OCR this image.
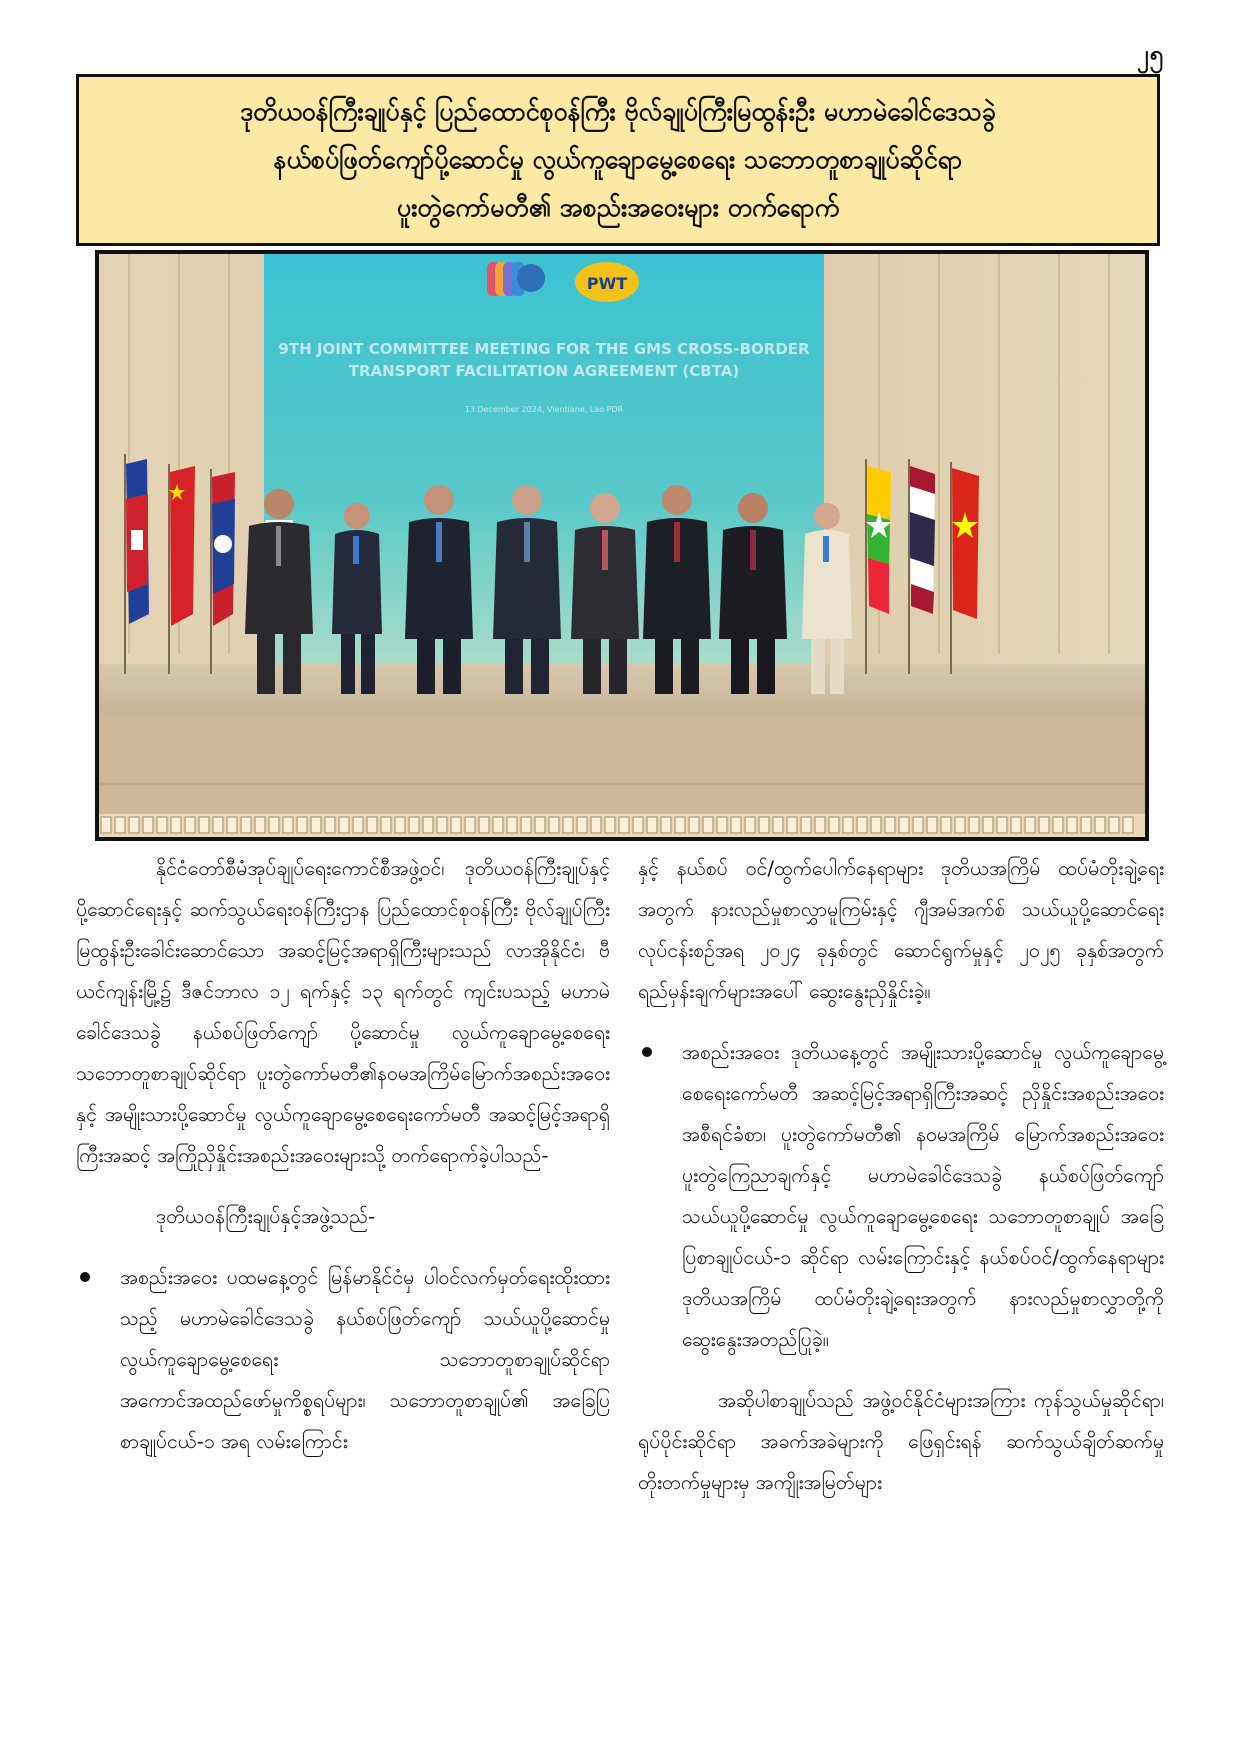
၂၅
ဒုတိယဝန်ကြီးချုပ်နှင့် ပြည်ထောင်စုဝန်ကြီး ဗိုလ်ချုပ်ကြီးမြထွန်းဦး မဟာမဲခေါင်ဒေသခွဲ
နယ်စပ်ဖြတ်ကျော်ပို့ဆောင်မှု လွယ်ကူချောမွေ့စေရေး သဘောတူစာချုပ်ဆိုင်ရာ
ပူးတွဲကော်မတီ၏ အစည်းအဝေးများ တက်ရောက်
PWT
9TH JOINT COMMITTEE MEETING FOR THE GMS CROSS-BORDER
TRANSPORT FACILITATION AGREEMENT (CBTA)
13 December 2024, Vientiane, Lao PDR

နိုင်ငံတော်စီမံအုပ်ချုပ်ရေးကောင်စီအဖွဲ့ဝင်၊ ဒုတိယဝန်ကြီးချုပ်နှင့် ပို့ဆောင်ရေးနှင့် ဆက်သွယ်ရေးဝန်ကြီးဌာန ပြည်ထောင်စုဝန်ကြီး ဗိုလ်ချုပ်ကြီး မြထွန်းဦးခေါင်းဆောင်သော အဆင့်မြင့်အရာရှိကြီးများသည် လာအိုနိုင်ငံ၊ ဗီယင်ကျန်းမြို့၌ ဒီဇင်ဘာလ ၁၂ ရက်နှင့် ၁၃ ရက်တွင် ကျင်းပသည့် မဟာမဲခေါင်ဒေသခွဲ နယ်စပ်ဖြတ်ကျော် ပို့ဆောင်မှု လွယ်ကူချောမွေ့စေရေး သဘောတူစာချုပ်ဆိုင်ရာ ပူးတွဲကော်မတီ၏နဝမအကြိမ်မြောက်အစည်းအဝေးနှင့် အမျိုးသားပို့ဆောင်မှု လွယ်ကူချောမွေ့စေရေးကော်မတီ အဆင့်မြင့်အရာရှိကြီးအဆင့် အကြိုညှိနှိုင်းအစည်းအဝေးများသို့ တက်ရောက်ခဲ့ပါသည်-

ဒုတိယဝန်ကြီးချုပ်နှင့်အဖွဲ့သည်-

အစည်းအဝေး ပထမနေ့တွင် မြန်မာနိုင်ငံမှ ပါဝင်လက်မှတ်ရေးထိုးထားသည့် မဟာမဲခေါင်ဒေသခွဲ နယ်စပ်ဖြတ်ကျော် သယ်ယူပို့ဆောင်မှု လွယ်ကူချောမွေ့စေရေး သဘောတူစာချုပ်ဆိုင်ရာ အကောင်အထည်ဖော်မှုကိစ္စရပ်များ၊ သဘောတူစာချုပ်၏ အခြေပြစာချုပ်ငယ်-၁ အရ လမ်းကြောင်း

နှင့် နယ်စပ် ဝင်/ထွက်ပေါက်နေရာများ ဒုတိယအကြိမ် ထပ်မံတိုးချဲ့ရေးအတွက် နားလည်မှုစာလွှာမူကြမ်းနှင့် ဂျီအမ်အက်စ် သယ်ယူပို့ဆောင်ရေးလုပ်ငန်းစဉ်အရ ၂၀၂၄ ခုနှစ်တွင် ဆောင်ရွက်မှုနှင့် ၂၀၂၅ ခုနှစ်အတွက် ရည်မှန်းချက်များအပေါ် ဆွေးနွေးညှိနှိုင်းခဲ့။

အစည်းအဝေး ဒုတိယနေ့တွင် အမျိုးသားပို့ဆောင်မှု လွယ်ကူချောမွေ့စေရေးကော်မတီ အဆင့်မြင့်အရာရှိကြီးအဆင့် ညှိနှိုင်းအစည်းအဝေးအစီရင်ခံစာ၊ ပူးတွဲကော်မတီ၏ နဝမအကြိမ် မြောက်အစည်းအဝေး ပူးတွဲကြေညာချက်နှင့် မဟာမဲခေါင်ဒေသခွဲ နယ်စပ်ဖြတ်ကျော် သယ်ယူပို့ဆောင်မှု လွယ်ကူချောမွေ့စေရေး သဘောတူစာချုပ် အခြေပြစာချုပ်ငယ်-၁ ဆိုင်ရာ လမ်းကြောင်းနှင့် နယ်စပ်ဝင်/ထွက်နေရာများ ဒုတိယအကြိမ် ထပ်မံတိုးချဲ့ရေးအတွက် နားလည်မှုစာလွှာတို့ကို ဆွေးနွေးအတည်ပြုခဲ့။

အဆိုပါစာချုပ်သည် အဖွဲ့ဝင်နိုင်ငံများအကြား ကုန်သွယ်မှုဆိုင်ရာ၊ ရုပ်ပိုင်းဆိုင်ရာ အခက်အခဲများကို ဖြေရှင်းရန် ဆက်သွယ်ချိတ်ဆက်မှု တိုးတက်မှုများမှ အကျိုးအမြတ်များ
